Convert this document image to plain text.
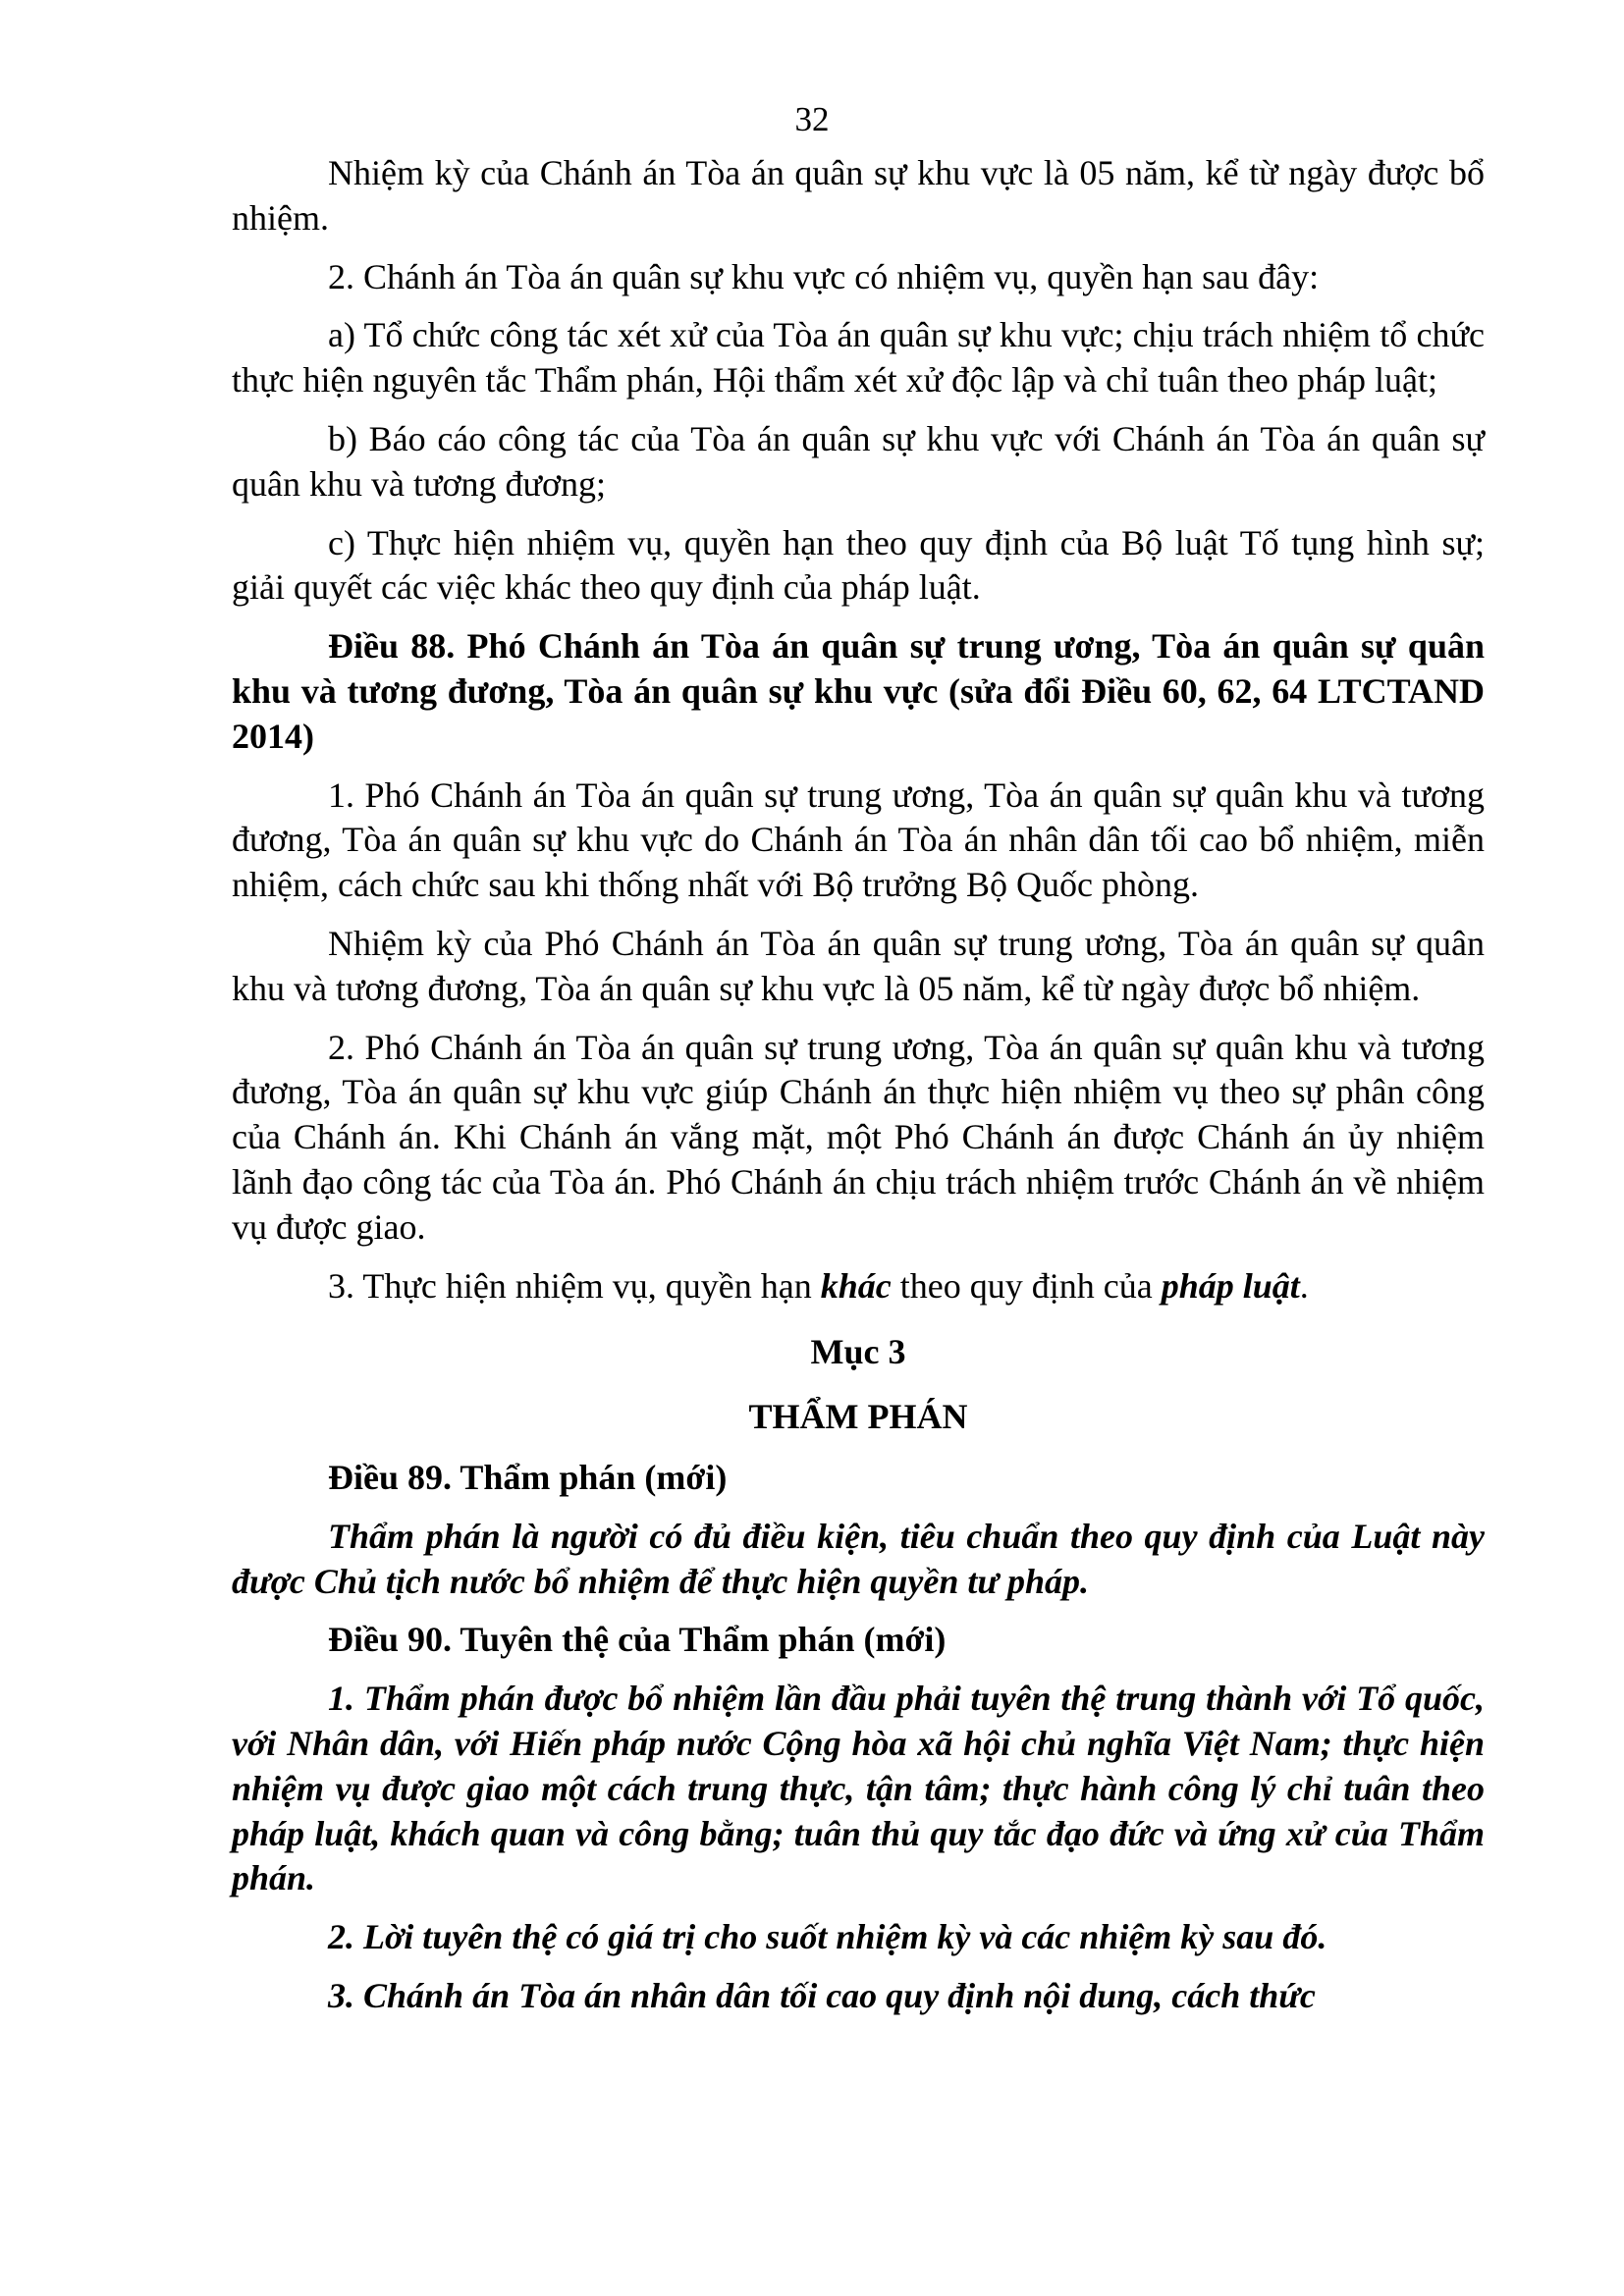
32

Nhiệm kỳ của Chánh án Tòa án quân sự khu vực là 05 năm, kể từ ngày được bổ nhiệm.

2. Chánh án Tòa án quân sự khu vực có nhiệm vụ, quyền hạn sau đây:

a) Tổ chức công tác xét xử của Tòa án quân sự khu vực; chịu trách nhiệm tổ chức thực hiện nguyên tắc Thẩm phán, Hội thẩm xét xử độc lập và chỉ tuân theo pháp luật;

b) Báo cáo công tác của Tòa án quân sự khu vực với Chánh án Tòa án quân sự quân khu và tương đương;

c) Thực hiện nhiệm vụ, quyền hạn theo quy định của Bộ luật Tố tụng hình sự; giải quyết các việc khác theo quy định của pháp luật.

Điều 88. Phó Chánh án Tòa án quân sự trung ương, Tòa án quân sự quân khu và tương đương, Tòa án quân sự khu vực (sửa đổi Điều 60, 62, 64 LTCTAND 2014)

1. Phó Chánh án Tòa án quân sự trung ương, Tòa án quân sự quân khu và tương đương, Tòa án quân sự khu vực do Chánh án Tòa án nhân dân tối cao bổ nhiệm, miễn nhiệm, cách chức sau khi thống nhất với Bộ trưởng Bộ Quốc phòng.

Nhiệm kỳ của Phó Chánh án Tòa án quân sự trung ương, Tòa án quân sự quân khu và tương đương, Tòa án quân sự khu vực là 05 năm, kể từ ngày được bổ nhiệm.

2. Phó Chánh án Tòa án quân sự trung ương, Tòa án quân sự quân khu và tương đương, Tòa án quân sự khu vực giúp Chánh án thực hiện nhiệm vụ theo sự phân công của Chánh án. Khi Chánh án vắng mặt, một Phó Chánh án được Chánh án ủy nhiệm lãnh đạo công tác của Tòa án. Phó Chánh án chịu trách nhiệm trước Chánh án về nhiệm vụ được giao.

3. Thực hiện nhiệm vụ, quyền hạn khác theo quy định của pháp luật.

Mục 3

THẨM PHÁN

Điều 89. Thẩm phán (mới)

Thẩm phán là người có đủ điều kiện, tiêu chuẩn theo quy định của Luật này được Chủ tịch nước bổ nhiệm để thực hiện quyền tư pháp.

Điều 90. Tuyên thệ của Thẩm phán (mới)

1. Thẩm phán được bổ nhiệm lần đầu phải tuyên thệ trung thành với Tổ quốc, với Nhân dân, với Hiến pháp nước Cộng hòa xã hội chủ nghĩa Việt Nam; thực hiện nhiệm vụ được giao một cách trung thực, tận tâm; thực hành công lý chỉ tuân theo pháp luật, khách quan và công bằng; tuân thủ quy tắc đạo đức và ứng xử của Thẩm phán.

2. Lời tuyên thệ có giá trị cho suốt nhiệm kỳ và các nhiệm kỳ sau đó.

3. Chánh án Tòa án nhân dân tối cao quy định nội dung, cách thức
